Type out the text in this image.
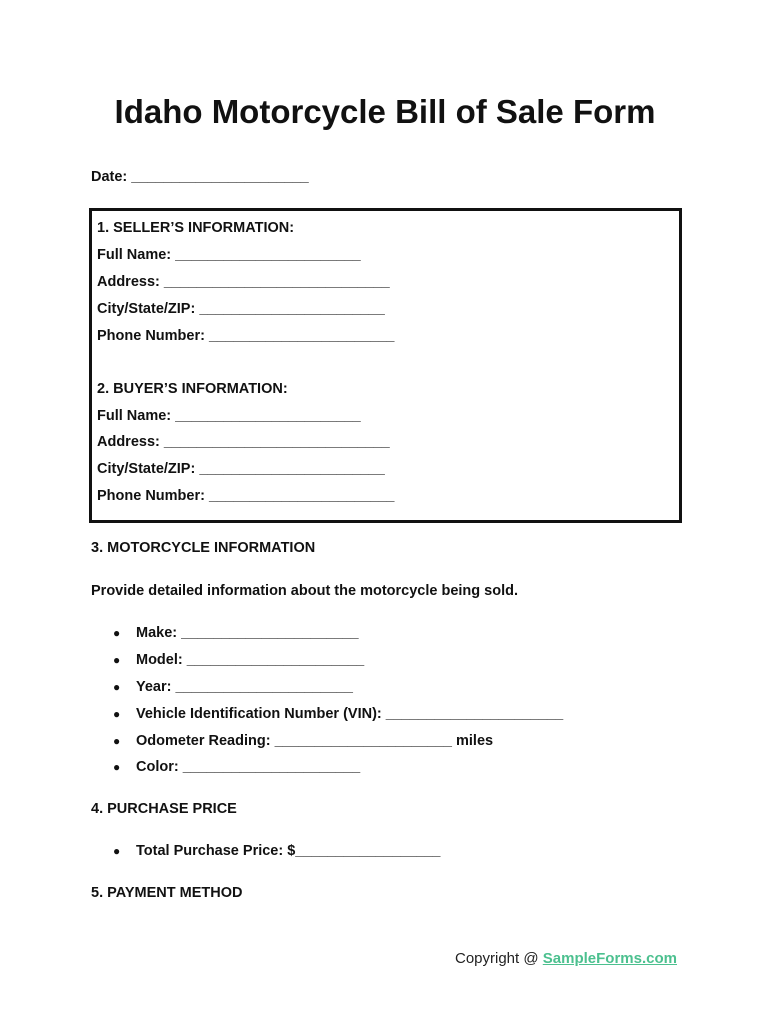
Idaho Motorcycle Bill of Sale Form
Date: ______________________
1. SELLER’S INFORMATION:
Full Name: _______________________
Address: ____________________________
City/State/ZIP: _______________________
Phone Number: _______________________
2. BUYER’S INFORMATION:
Full Name: _______________________
Address: ____________________________
City/State/ZIP: _______________________
Phone Number: _______________________
3. MOTORCYCLE INFORMATION
Provide detailed information about the motorcycle being sold.
● Make: ______________________
● Model: ______________________
● Year: ______________________
● Vehicle Identification Number (VIN): ______________________
● Odometer Reading: ______________________ miles
● Color: ______________________
4. PURCHASE PRICE
● Total Purchase Price: $__________________
5. PAYMENT METHOD
Copyright @ SampleForms.com
